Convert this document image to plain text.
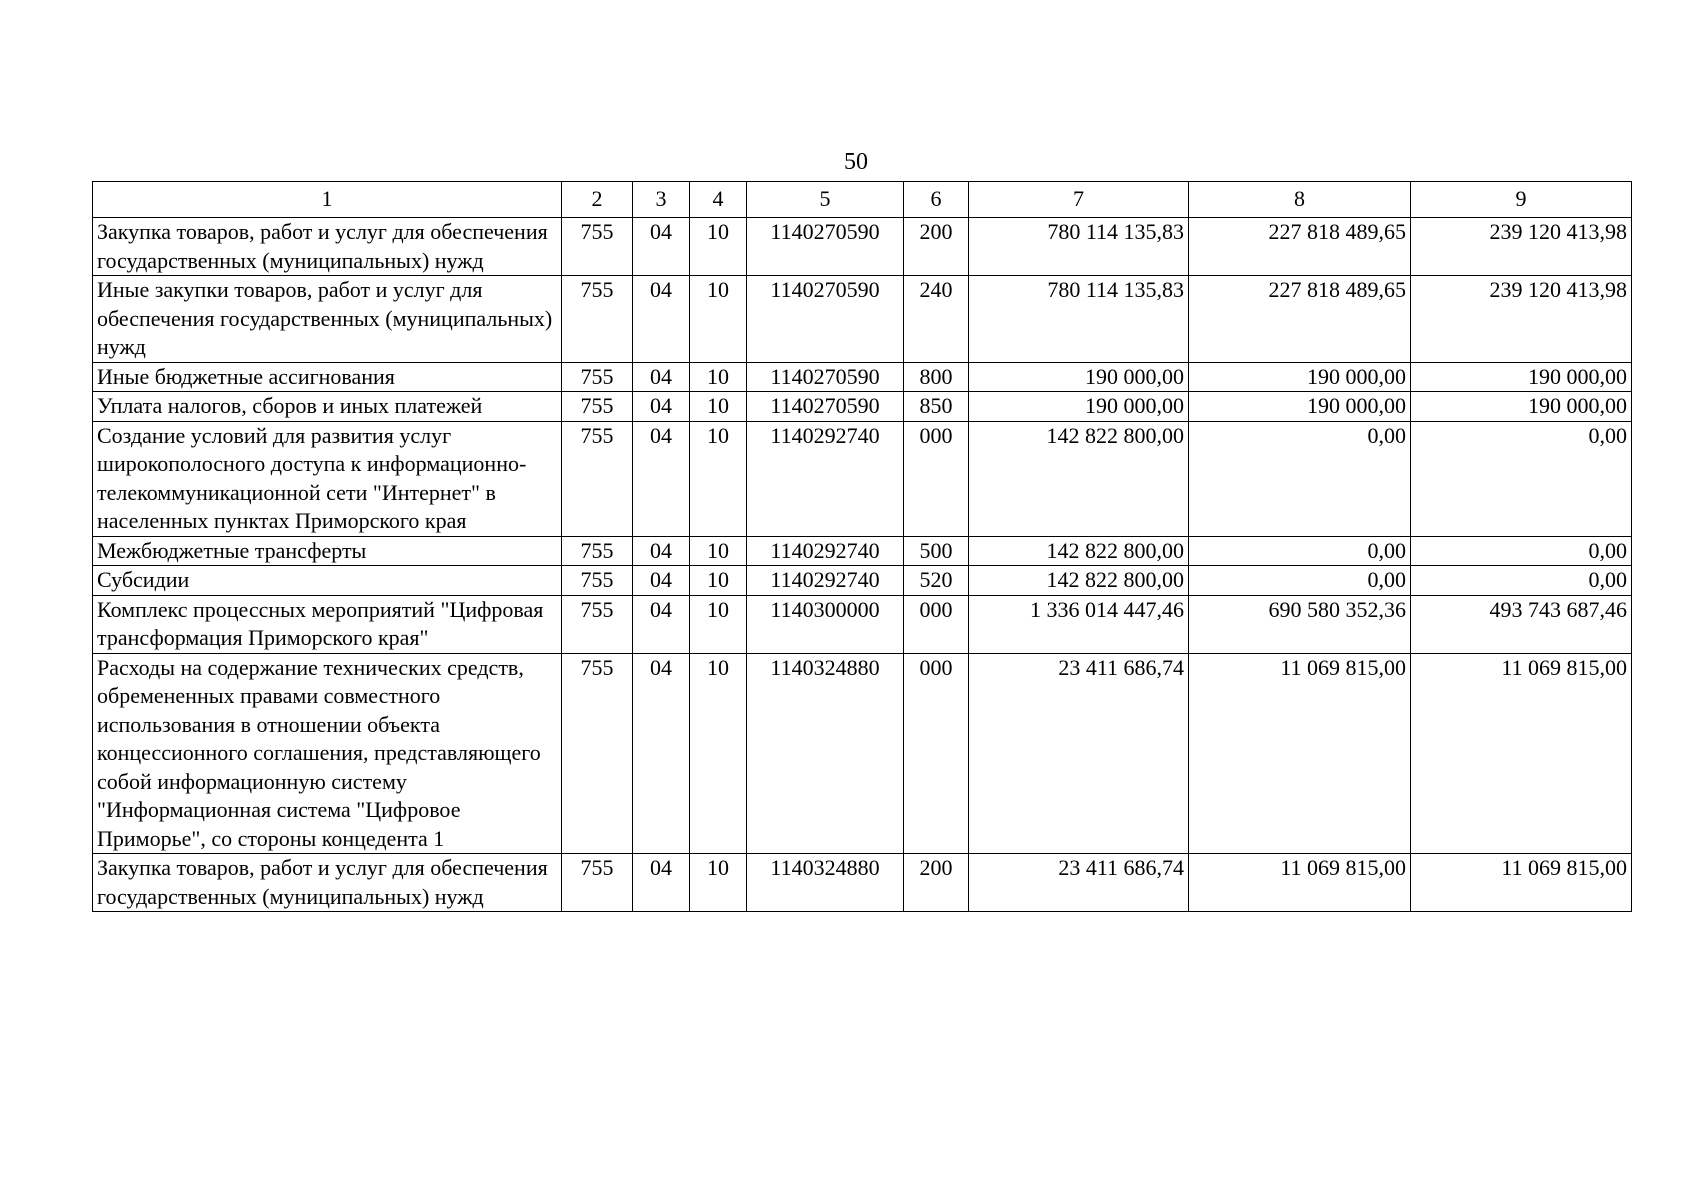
50
1	2	3	4	5	6	7	8	9
Закупка товаров, работ и услуг для обеспечения государственных (муниципальных) нужд	755	04	10	1140270590	200	780 114 135,83	227 818 489,65	239 120 413,98
Иные закупки товаров, работ и услуг для обеспечения государственных (муниципальных) нужд	755	04	10	1140270590	240	780 114 135,83	227 818 489,65	239 120 413,98
Иные бюджетные ассигнования	755	04	10	1140270590	800	190 000,00	190 000,00	190 000,00
Уплата налогов, сборов и иных платежей	755	04	10	1140270590	850	190 000,00	190 000,00	190 000,00
Создание условий для развития услуг широкополосного доступа к информационно-телекоммуникационной сети "Интернет" в населенных пунктах Приморского края	755	04	10	1140292740	000	142 822 800,00	0,00	0,00
Межбюджетные трансферты	755	04	10	1140292740	500	142 822 800,00	0,00	0,00
Субсидии	755	04	10	1140292740	520	142 822 800,00	0,00	0,00
Комплекс процессных мероприятий "Цифровая трансформация Приморского края"	755	04	10	1140300000	000	1 336 014 447,46	690 580 352,36	493 743 687,46
Расходы на содержание технических средств, обремененных правами совместного использования в отношении объекта концессионного соглашения, представляющего собой информационную систему "Информационная система "Цифровое Приморье", со стороны концедента 1	755	04	10	1140324880	000	23 411 686,74	11 069 815,00	11 069 815,00
Закупка товаров, работ и услуг для обеспечения государственных (муниципальных) нужд	755	04	10	1140324880	200	23 411 686,74	11 069 815,00	11 069 815,00
